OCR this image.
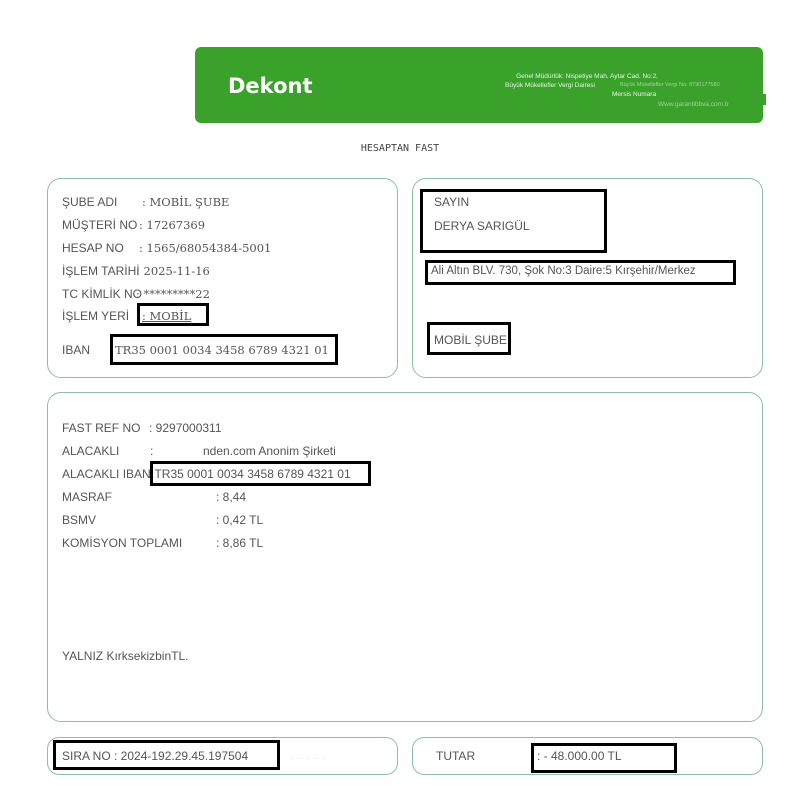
Dekont	Genel Müdürlük: Nispetiye Mah. Aytar Cad. No:2,
Büyük Mükellefler Vergi Dairesi	Büyük Mükellefler Vergi No: 8790177580
Mersis Numara
Www.garantibbva.com.tr
HESAPTAN FAST
ŞUBE ADI : MOBİL ŞUBE
MÜŞTERİ NO : 17267369
HESAP NO : 1565/68054384-5001
İŞLEM TARİHİ
: 2025-11-16
TC KİMLİK NO
: *********22
İŞLEM YERİ : MOBİL
IBAN TR35 0001 0034 3458 6789 4321 01
SAYIN
DERYA SARIGÜL
Ali Altın BLV. 730, Şok No:3 Daire:5 Kırşehir/Merkez
MOBİL ŞUBE
FAST REF NO : 9297000311
ALACAKLI	:	nden.com Anonim Şirketi
ALACAKLI IBAN
: TR35 0001 0034 3458 6789 4321 01
MASRAF	: 8,44
BSMV	: 0,42 TL
KOMİSYON TOPLAMI	: 8,86 TL
YALNIZ KırksekizbinTL.
SIRA NO : 2024-192.29.45.197504	. . . . .	TUTAR	: - 48.000.00 TL
